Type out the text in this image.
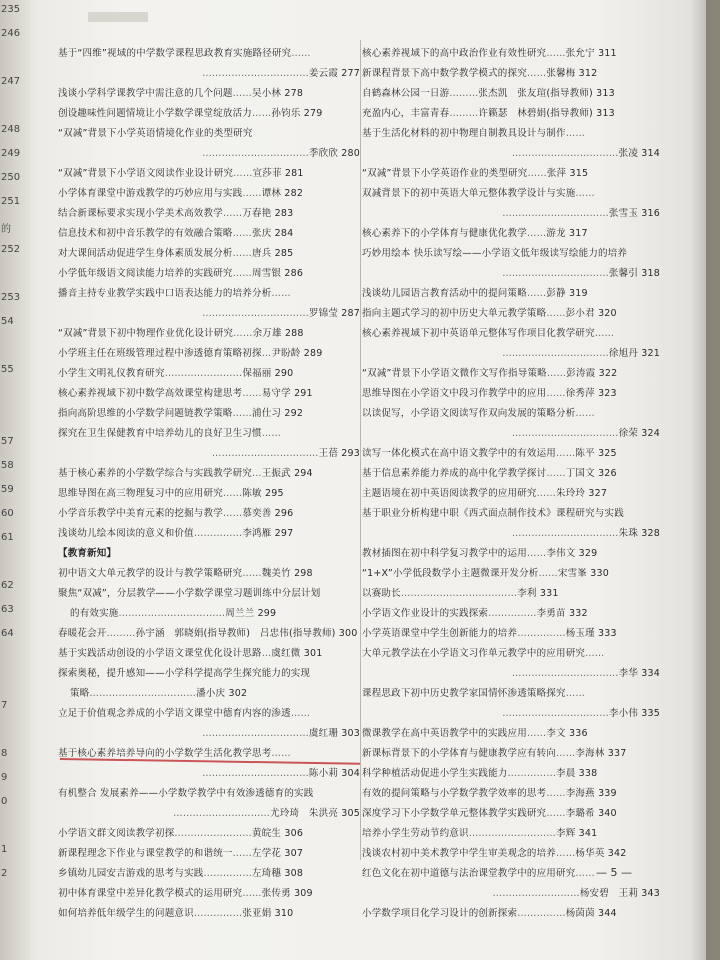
235
246
247
248
249
250
251
的
252
253
54
55
57
58
59
60
61
62
63
64
7
8
9
0
1
2
基于“四维”视域的中学数学课程思政教育实施路径研究……
……………………………姜云霞 277
浅谈小学科学课教学中需注意的几个问题……吴小林 278
创设趣味性问题情境让小学数学课堂绽放活力……孙钧乐 279
“双减”背景下小学英语情境化作业的类型研究
……………………………季欣欣 280
“双减”背景下小学语文阅读作业设计研究……宣莎菲 281
小学体育课堂中游戏教学的巧妙应用与实践……谭林 282
结合新课标要求实现小学美术高效教学……万春艳 283
信息技术和初中音乐教学的有效融合策略……张庆 284
对大课间活动促进学生身体素质发展分析……唐兵 285
小学低年级语文阅读能力培养的实践研究……周雪银 286
播音主持专业教学实践中口语表达能力的培养分析……
……………………………罗锦莹 287
“双减”背景下初中物理作业优化设计研究……余万雄 288
小学班主任在班级管理过程中渗透德育策略初探…尹盼龄 289
小学生文明礼仪教育研究……………………保福丽 290
核心素养视域下初中数学高效课堂构建思考……易守学 291
指向高阶思维的小学数学问题链教学策略……浦仕习 292
探究在卫生保健教育中培养幼儿的良好卫生习惯……
……………………………王蓓 293
基于核心素养的小学数学综合与实践教学研究…王振武 294
思维导图在高三物理复习中的应用研究……陈敏 295
小学音乐教学中美育元素的挖掘与教学……慕奕善 296
浅谈幼儿绘本阅读的意义和价值……………李鸿雁 297
【教育新知】
初中语文大单元教学的设计与教学策略研究……魏美竹 298
聚焦“双减”，分层教学——小学数学课堂习题训练中分层计划
的有效实施……………………………周兰兰 299
春暖花会开………孙宇涵　郭晓娟(指导教师)　吕忠伟(指导教师) 300
基于实践活动创设的小学语文课堂优化设计思路…虞红微 301
探索奥秘，提升感知——小学科学提高学生探究能力的实现
策略……………………………潘小庆 302
立足于价值观念养成的小学语文课堂中德育内容的渗透……
……………………………虞红珊 303
基于核心素养培养导向的小学数学生活化教学思考……
……………………………陈小莉 304
有机整合 发展素养——小学数学教学中有效渗透德育的实践
…………………………尤玲琦　朱洪亮 305
小学语文群文阅读教学初探……………………黄皖生 306
新课程理念下作业与课堂教学的和谐统一……左学花 307
乡镇幼儿园安吉游戏的思考与实践……………左琦穗 308
初中体育课堂中差异化教学模式的运用研究……张传勇 309
如何培养低年级学生的问题意识……………张亚娟 310
核心素养视域下的高中政治作业有效性研究……张允宁 311
新课程背景下高中数学教学模式的探究……张馨梅 312
自鹤森林公园一日游………张杰凯　张友瑄(指导教师) 313
充盈内心，丰富青春………许籁瑟　林碧娟(指导教师) 313
基于生活化材料的初中物理自制教具设计与制作……
……………………………张凌 314
“双减”背景下小学英语作业的类型研究……张萍 315
双减背景下的初中英语大单元整体教学设计与实施……
……………………………张雪玉 316
核心素养下的小学体育与健康优化教学……游龙 317
巧妙用绘本 快乐读写绘——小学语文低年级读写绘能力的培养
……………………………张馨引 318
浅谈幼儿园语言教育活动中的提问策略……彭静 319
指向主题式学习的初中历史大单元教学策略……彭小君 320
核心素养视域下初中英语单元整体写作项目化教学研究……
……………………………徐旭丹 321
“双减”背景下小学语文微作文写作指导策略……彭涛霞 322
思维导图在小学语文中段习作教学中的应用……徐秀萍 323
以读促写，小学语文阅读写作双向发展的策略分析……
……………………………徐荣 324
读写一体化模式在高中语文教学中的有效运用……陈平 325
基于信息素养能力养成的高中化学教学探讨……丁国文 326
主题语境在初中英语阅读教学的应用研究……朱玲玲 327
基于职业分析构建中职《西式面点制作技术》课程研究与实践
……………………………朱珠 328
教材插图在初中科学复习教学中的运用……李伟文 329
“1+X”小学低段数学小主题微课开发分析……宋雪峯 330
以赛助长………………………………李利 331
小学语文作业设计的实践探索……………李勇苗 332
小学英语课堂中学生创新能力的培养……………杨玉瑾 333
大单元教学法在小学语文习作单元教学中的应用研究……
……………………………李华 334
课程思政下初中历史教学家国情怀渗透策略探究……
……………………………李小伟 335
微课教学在高中英语教学中的实践应用……李文 336
新课标背景下的小学体育与健康教学应有转向……李海林 337
科学种植活动促进小学生实践能力……………李晨 338
有效的提问策略与小学数学教学效率的思考……李海燕 339
深度学习下小学数学单元整体教学实践研究……李璐希 340
培养小学生劳动节约意识………………………李辉 341
浅谈农村初中美术教学中学生审美观念的培养……杨华英 342
红色文化在初中道德与法治课堂教学中的应用研究……
………………………杨安碧　王莉 343
小学数学项目化学习设计的创新探索……………杨茵茵 344
— 5 —
